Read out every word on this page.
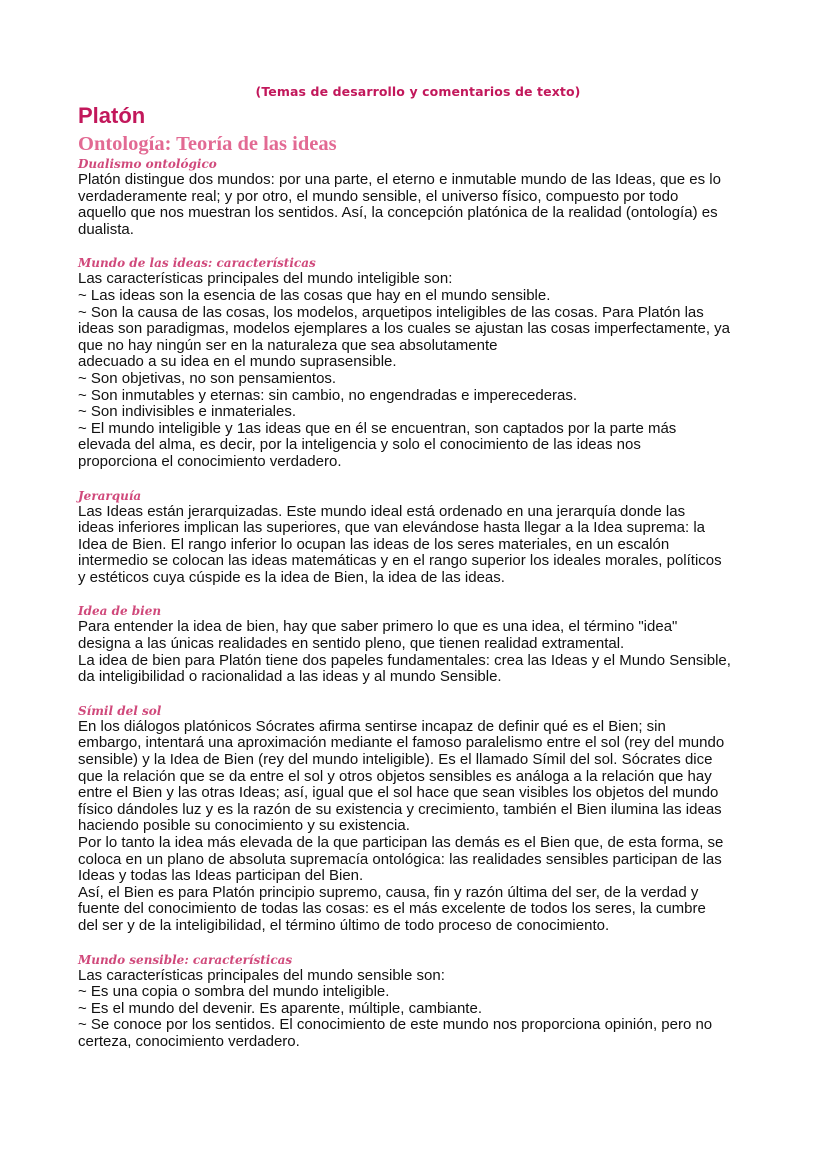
(Temas de desarrollo y comentarios de texto)

Platón
Ontología: Teoría de las ideas
Dualismo ontológico

Platón distingue dos mundos: por una parte, el eterno e inmutable mundo de las Ideas, que es lo
verdaderamente real; y por otro, el mundo sensible, el universo físico, compuesto por todo
aquello que nos muestran los sentidos. Así, la concepción platónica de la realidad (ontología) es
dualista.

Mundo de las ideas: características

Las características principales del mundo inteligible son:
~ Las ideas son la esencia de las cosas que hay en el mundo sensible.
~ Son la causa de las cosas, los modelos, arquetipos inteligibles de las cosas. Para Platón las
ideas son paradigmas, modelos ejemplares a los cuales se ajustan las cosas imperfectamente, ya
que no hay ningún ser en la naturaleza que sea absolutamente
adecuado a su idea en el mundo suprasensible.
~ Son objetivas, no son pensamientos.
~ Son inmutables y eternas: sin cambio, no engendradas e imperecederas.
~ Son indivisibles e inmateriales.
~ El mundo inteligible y 1as ideas que en él se encuentran, son captados por la parte más
elevada del alma, es decir, por la inteligencia y solo el conocimiento de las ideas nos
proporciona el conocimiento verdadero.

Jerarquía

Las Ideas están jerarquizadas. Este mundo ideal está ordenado en una jerarquía donde las
ideas inferiores implican las superiores, que van elevándose hasta llegar a la Idea suprema: la
Idea de Bien. El rango inferior lo ocupan las ideas de los seres materiales, en un escalón
intermedio se colocan las ideas matemáticas y en el rango superior los ideales morales, políticos
y estéticos cuya cúspide es la idea de Bien, la idea de las ideas.

Idea de bien

Para entender la idea de bien, hay que saber primero lo que es una idea, el término "idea"
designa a las únicas realidades en sentido pleno, que tienen realidad extramental.
La idea de bien para Platón tiene dos papeles fundamentales: crea las Ideas y el Mundo Sensible,
da inteligibilidad o racionalidad a las ideas y al mundo Sensible.

Símil del sol

En los diálogos platónicos Sócrates afirma sentirse incapaz de definir qué es el Bien; sin
embargo, intentará una aproximación mediante el famoso paralelismo entre el sol (rey del mundo
sensible) y la Idea de Bien (rey del mundo inteligible). Es el llamado Símil del sol. Sócrates dice
que la relación que se da entre el sol y otros objetos sensibles es análoga a la relación que hay
entre el Bien y las otras Ideas; así, igual que el sol hace que sean visibles los objetos del mundo
físico dándoles luz y es la razón de su existencia y crecimiento, también el Bien ilumina las ideas
haciendo posible su conocimiento y su existencia.
Por lo tanto la idea más elevada de la que participan las demás es el Bien que, de esta forma, se
coloca en un plano de absoluta supremacía ontológica: las realidades sensibles participan de las
Ideas y todas las Ideas participan del Bien.
Así, el Bien es para Platón principio supremo, causa, fin y razón última del ser, de la verdad y
fuente del conocimiento de todas las cosas: es el más excelente de todos los seres, la cumbre
del ser y de la inteligibilidad, el término último de todo proceso de conocimiento.

Mundo sensible: características

Las características principales del mundo sensible son:
~ Es una copia o sombra del mundo inteligible.
~ Es el mundo del devenir. Es aparente, múltiple, cambiante.
~ Se conoce por los sentidos. El conocimiento de este mundo nos proporciona opinión, pero no
certeza, conocimiento verdadero.
